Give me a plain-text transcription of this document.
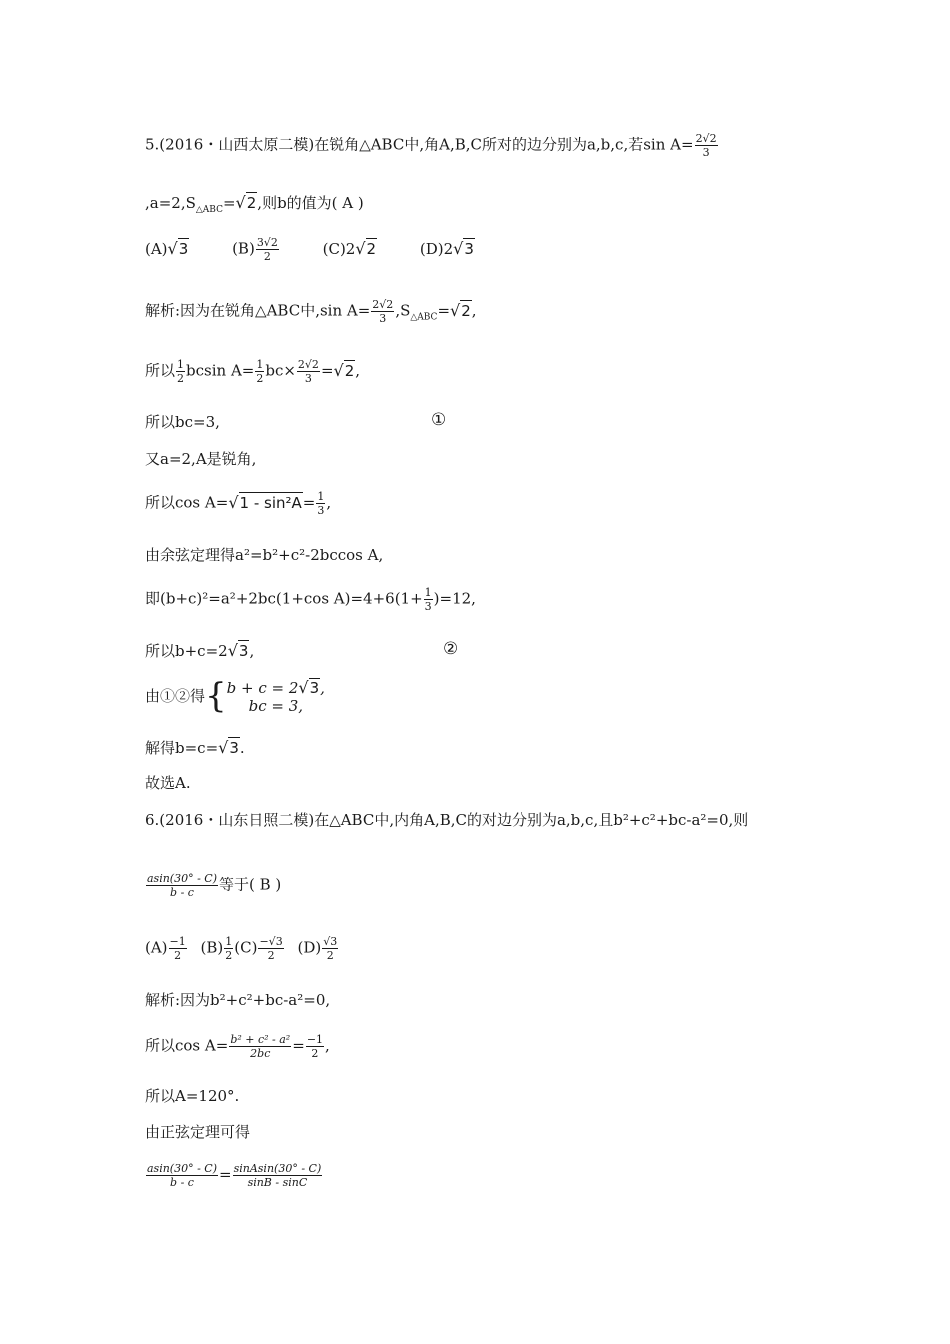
5.(2016・山西太原二模)在锐角△ABC中,角A,B,C所对的边分别为a,b,c,若$\sin A= \frac{2√2}{3}$
$,a=2,S_{\triangle ABC}=√2$,则b的值为( A )
(A)√3	$(B) \frac{3√2}{2}$	(C)2√2	(D)2√3
解析:因为在锐角△ABC中,sin $A= \frac{2√2}{3} ,S_{\triangle ABC}=√2$,
所以 $\frac{1}{2}$ bcsin $A= \frac{1}{2} bc\times \frac{2√2}{3} =√2$,
所以bc=3,	①
又a=2,A是锐角,
所以$\cos A=√1 - \sin^2A= \frac{1}{3}$ ,
由余弦定理得a²=b²+c²-2bccos A,
即(b+c)²=a²+2bc(1+cos $A)=4+6(1+ \frac{1}{3} )=12$,
所以b+c=2√3,	②
由①②得{ b + c = 2√3,
bc = 3,
解得b=c=√3.
故选A.
6.(2016・山东日照二模)在△ABC中,内角A,B,C的对边分别为a,b,c,且b²+c²+bc-a²=0,则
$\frac{asin(30^\circ - C)}{b - c}$ 等于( B )
$(A) \frac{-1}{2} (B) \frac{1}{2} (C) \frac{-√3}{2} (D) \frac{√3}{2}$
解析:因为b²+c²+bc-a²=0,
所以$\cos A= \frac{\text{b² + c² - a²}}{2bc} = \frac{-1}{2}$ ,
所以A=120°.
由正弦定理可得
$\frac{asin(30^\circ - C)}{b - c} = \frac{\text{sinAsin(30° - C)}}{\sin B - \sin C}$
